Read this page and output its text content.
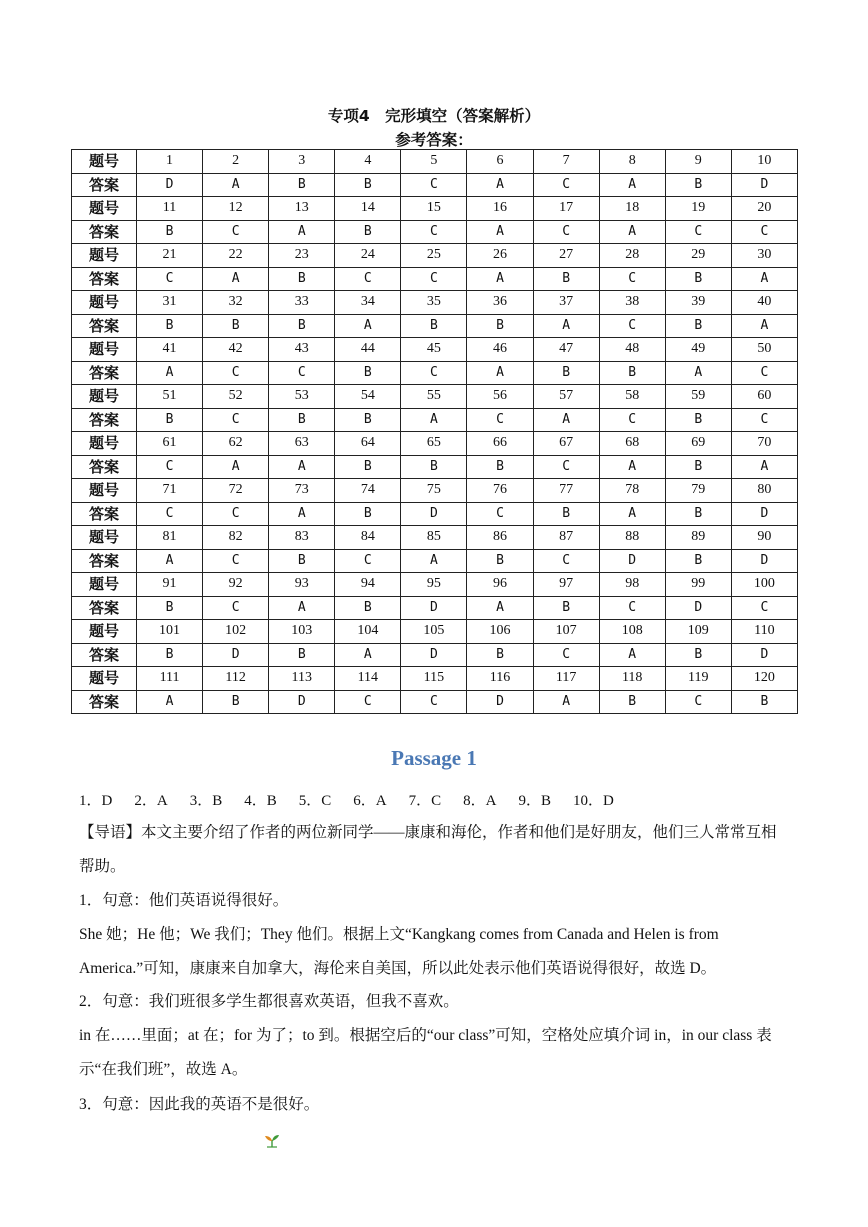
专项4　完形填空（答案解析）
参考答案：
题号	1	2	3	4	5	6	7	8	9	10
答案	D	A	B	B	C	A	C	A	B	D
题号	11	12	13	14	15	16	17	18	19	20
答案	B	C	A	B	C	A	C	A	C	C
题号	21	22	23	24	25	26	27	28	29	30
答案	C	A	B	C	C	A	B	C	B	A
题号	31	32	33	34	35	36	37	38	39	40
答案	B	B	B	A	B	B	A	C	B	A
题号	41	42	43	44	45	46	47	48	49	50
答案	A	C	C	B	C	A	B	B	A	C
题号	51	52	53	54	55	56	57	58	59	60
答案	B	C	B	B	A	C	A	C	B	C
题号	61	62	63	64	65	66	67	68	69	70
答案	C	A	A	B	B	B	C	A	B	A
题号	71	72	73	74	75	76	77	78	79	80
答案	C	C	A	B	D	C	B	A	B	D
题号	81	82	83	84	85	86	87	88	89	90
答案	A	C	B	C	A	B	C	D	B	D
题号	91	92	93	94	95	96	97	98	99	100
答案	B	C	A	B	D	A	B	C	D	C
题号	101	102	103	104	105	106	107	108	109	110
答案	B	D	B	A	D	B	C	A	B	D
题号	111	112	113	114	115	116	117	118	119	120
答案	A	B	D	C	C	D	A	B	C	B
Passage 1
1．D 2．A 3．B 4．B 5．C 6．A 7．C 8．A 9．B 10．D
【导语】本文主要介绍了作者的两位新同学——康康和海伦，作者和他们是好朋友，他们三人常常互相帮助。
1．句意：他们英语说得很好。
She 她；He 他；We 我们；They 他们。根据上文“Kangkang comes from Canada and Helen is from America.”可知，康康来自加拿大，海伦来自美国，所以此处表示他们英语说得很好，故选 D。
2．句意：我们班很多学生都很喜欢英语，但我不喜欢。
in 在……里面；at 在；for 为了；to 到。根据空后的“our class”可知，空格处应填介词 in，in our class 表示“在我们班”，故选 A。
3．句意：因此我的英语不是很好。
